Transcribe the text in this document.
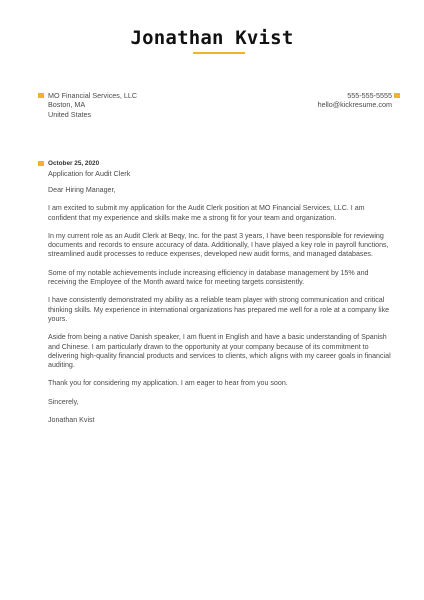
Jonathan Kvist
MO Financial Services, LLC
Boston, MA
United States
555-555-5555
hello@kickresume.com
October 25, 2020
Application for Audit Clerk

Dear Hiring Manager,

I am excited to submit my application for the Audit Clerk position at MO Financial Services, LLC. I am confident that my experience and skills make me a strong fit for your team and organization.

In my current role as an Audit Clerk at Beqy, Inc. for the past 3 years, I have been responsible for reviewing documents and records to ensure accuracy of data. Additionally, I have played a key role in payroll functions, streamlined audit processes to reduce expenses, developed new audit forms, and managed databases.

Some of my notable achievements include increasing efficiency in database management by 15% and receiving the Employee of the Month award twice for meeting targets consistently.

I have consistently demonstrated my ability as a reliable team player with strong communication and critical thinking skills. My experience in international organizations has prepared me well for a role at a company like yours.

Aside from being a native Danish speaker, I am fluent in English and have a basic understanding of Spanish and Chinese. I am particularly drawn to the opportunity at your company because of its commitment to delivering high-quality financial products and services to clients, which aligns with my career goals in financial auditing.

Thank you for considering my application. I am eager to hear from you soon.

Sincerely,

Jonathan Kvist
